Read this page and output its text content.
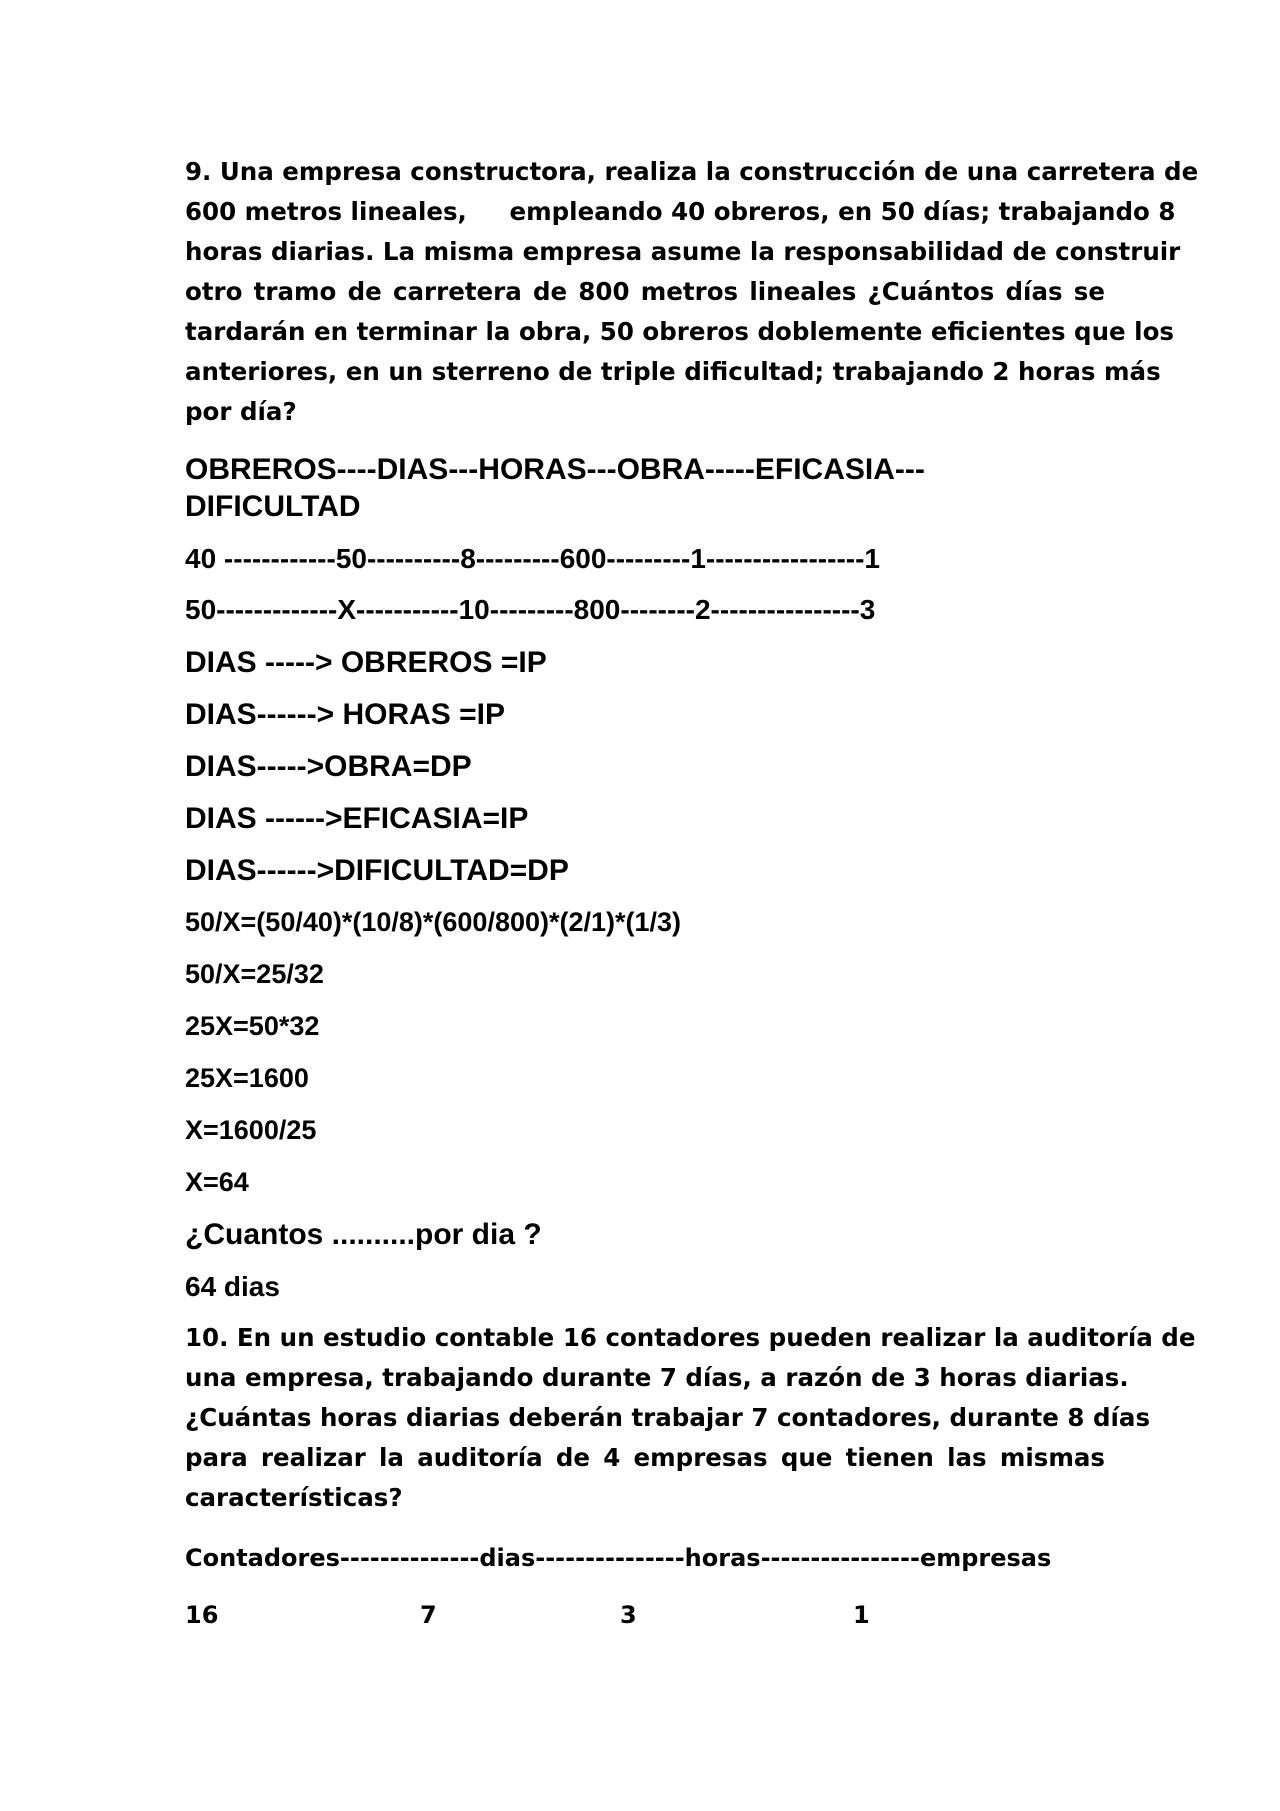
9. Una empresa constructora, realiza la construcción de una carretera de
600 metros lineales,     empleando 40 obreros, en 50 días; trabajando 8
horas diarias. La misma empresa asume la responsabilidad de construir
otro tramo de carretera de 800 metros lineales ¿Cuántos días se
tardarán en terminar la obra, 50 obreros doblemente eficientes que los
anteriores, en un sterreno de triple dificultad; trabajando 2 horas más
por día?
OBREROS----DIAS---HORAS---OBRA-----EFICASIA---
DIFICULTAD
40 ------------50----------8---------600---------1-----------------1
50-------------X-----------10---------800--------2----------------3
DIAS -----> OBREROS =IP
DIAS------> HORAS =IP
DIAS----->OBRA=DP
DIAS ------>EFICASIA=IP
DIAS------>DIFICULTAD=DP
50/X=(50/40)*(10/8)*(600/800)*(2/1)*(1/3)
50/X=25/32
25X=50*32
25X=1600
X=1600/25
X=64
¿Cuantos ..........por dia ?
64 dias
10. En un estudio contable 16 contadores pueden realizar la auditoría de
una empresa, trabajando durante 7 días, a razón de 3 horas diarias.
¿Cuántas horas diarias deberán trabajar 7 contadores, durante 8 días
para realizar la auditoría de 4 empresas que tienen las mismas
características?
Contadores--------------dias---------------horas----------------empresas
16	7	3	1
